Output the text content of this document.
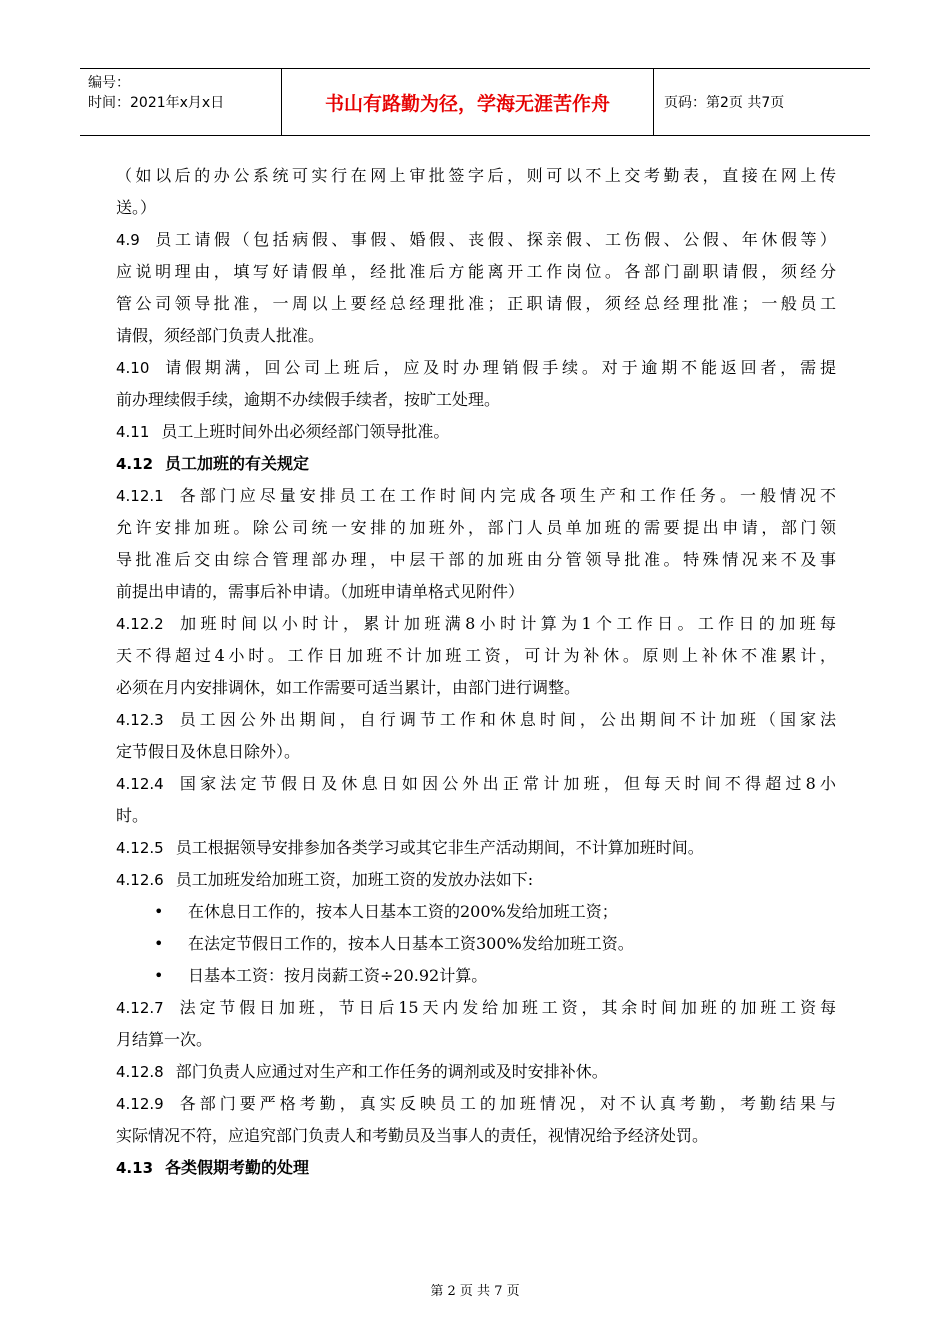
编号：
时间：2021年x月x日	书山有路勤为径，学海无涯苦作舟	页码：第2页 共7页
（如以后的办公系统可实行在网上审批签字后，则可以不上交考勤表，直接在网上传
送。）
4.9 员工请假（包括病假、事假、婚假、丧假、探亲假、工伤假、公假、年休假等）
应说明理由，填写好请假单，经批准后方能离开工作岗位。各部门副职请假，须经分
管公司领导批准，一周以上要经总经理批准；正职请假，须经总经理批准；一般员工
请假，须经部门负责人批准。
4.10 请假期满，回公司上班后，应及时办理销假手续。对于逾期不能返回者，需提
前办理续假手续，逾期不办续假手续者，按旷工处理。
4.11 员工上班时间外出必须经部门领导批准。
4.12 员工加班的有关规定
4.12.1 各部门应尽量安排员工在工作时间内完成各项生产和工作任务。一般情况不
允许安排加班。除公司统一安排的加班外，部门人员单加班的需要提出申请，部门领
导批准后交由综合管理部办理，中层干部的加班由分管领导批准。特殊情况来不及事
前提出申请的，需事后补申请。（加班申请单格式见附件）
4.12.2 加班时间以小时计，累计加班满8小时计算为1个工作日。工作日的加班每
天不得超过4小时。工作日加班不计加班工资，可计为补休。原则上补休不准累计，
必须在月内安排调休，如工作需要可适当累计，由部门进行调整。
4.12.3 员工因公外出期间，自行调节工作和休息时间，公出期间不计加班（国家法
定节假日及休息日除外）。
4.12.4 国家法定节假日及休息日如因公外出正常计加班，但每天时间不得超过8小
时。
4.12.5 员工根据领导安排参加各类学习或其它非生产活动期间，不计算加班时间。
4.12.6 员工加班发给加班工资，加班工资的发放办法如下:
• 在休息日工作的，按本人日基本工资的200%发给加班工资；
• 在法定节假日工作的，按本人日基本工资300%发给加班工资。
• 日基本工资：按月岗薪工资÷20.92计算。
4.12.7 法定节假日加班，节日后15天内发给加班工资，其余时间加班的加班工资每
月结算一次。
4.12.8 部门负责人应通过对生产和工作任务的调剂或及时安排补休。
4.12.9 各部门要严格考勤，真实反映员工的加班情况，对不认真考勤，考勤结果与
实际情况不符，应追究部门负责人和考勤员及当事人的责任，视情况给予经济处罚。
4.13 各类假期考勤的处理
第 2 页 共 7 页
